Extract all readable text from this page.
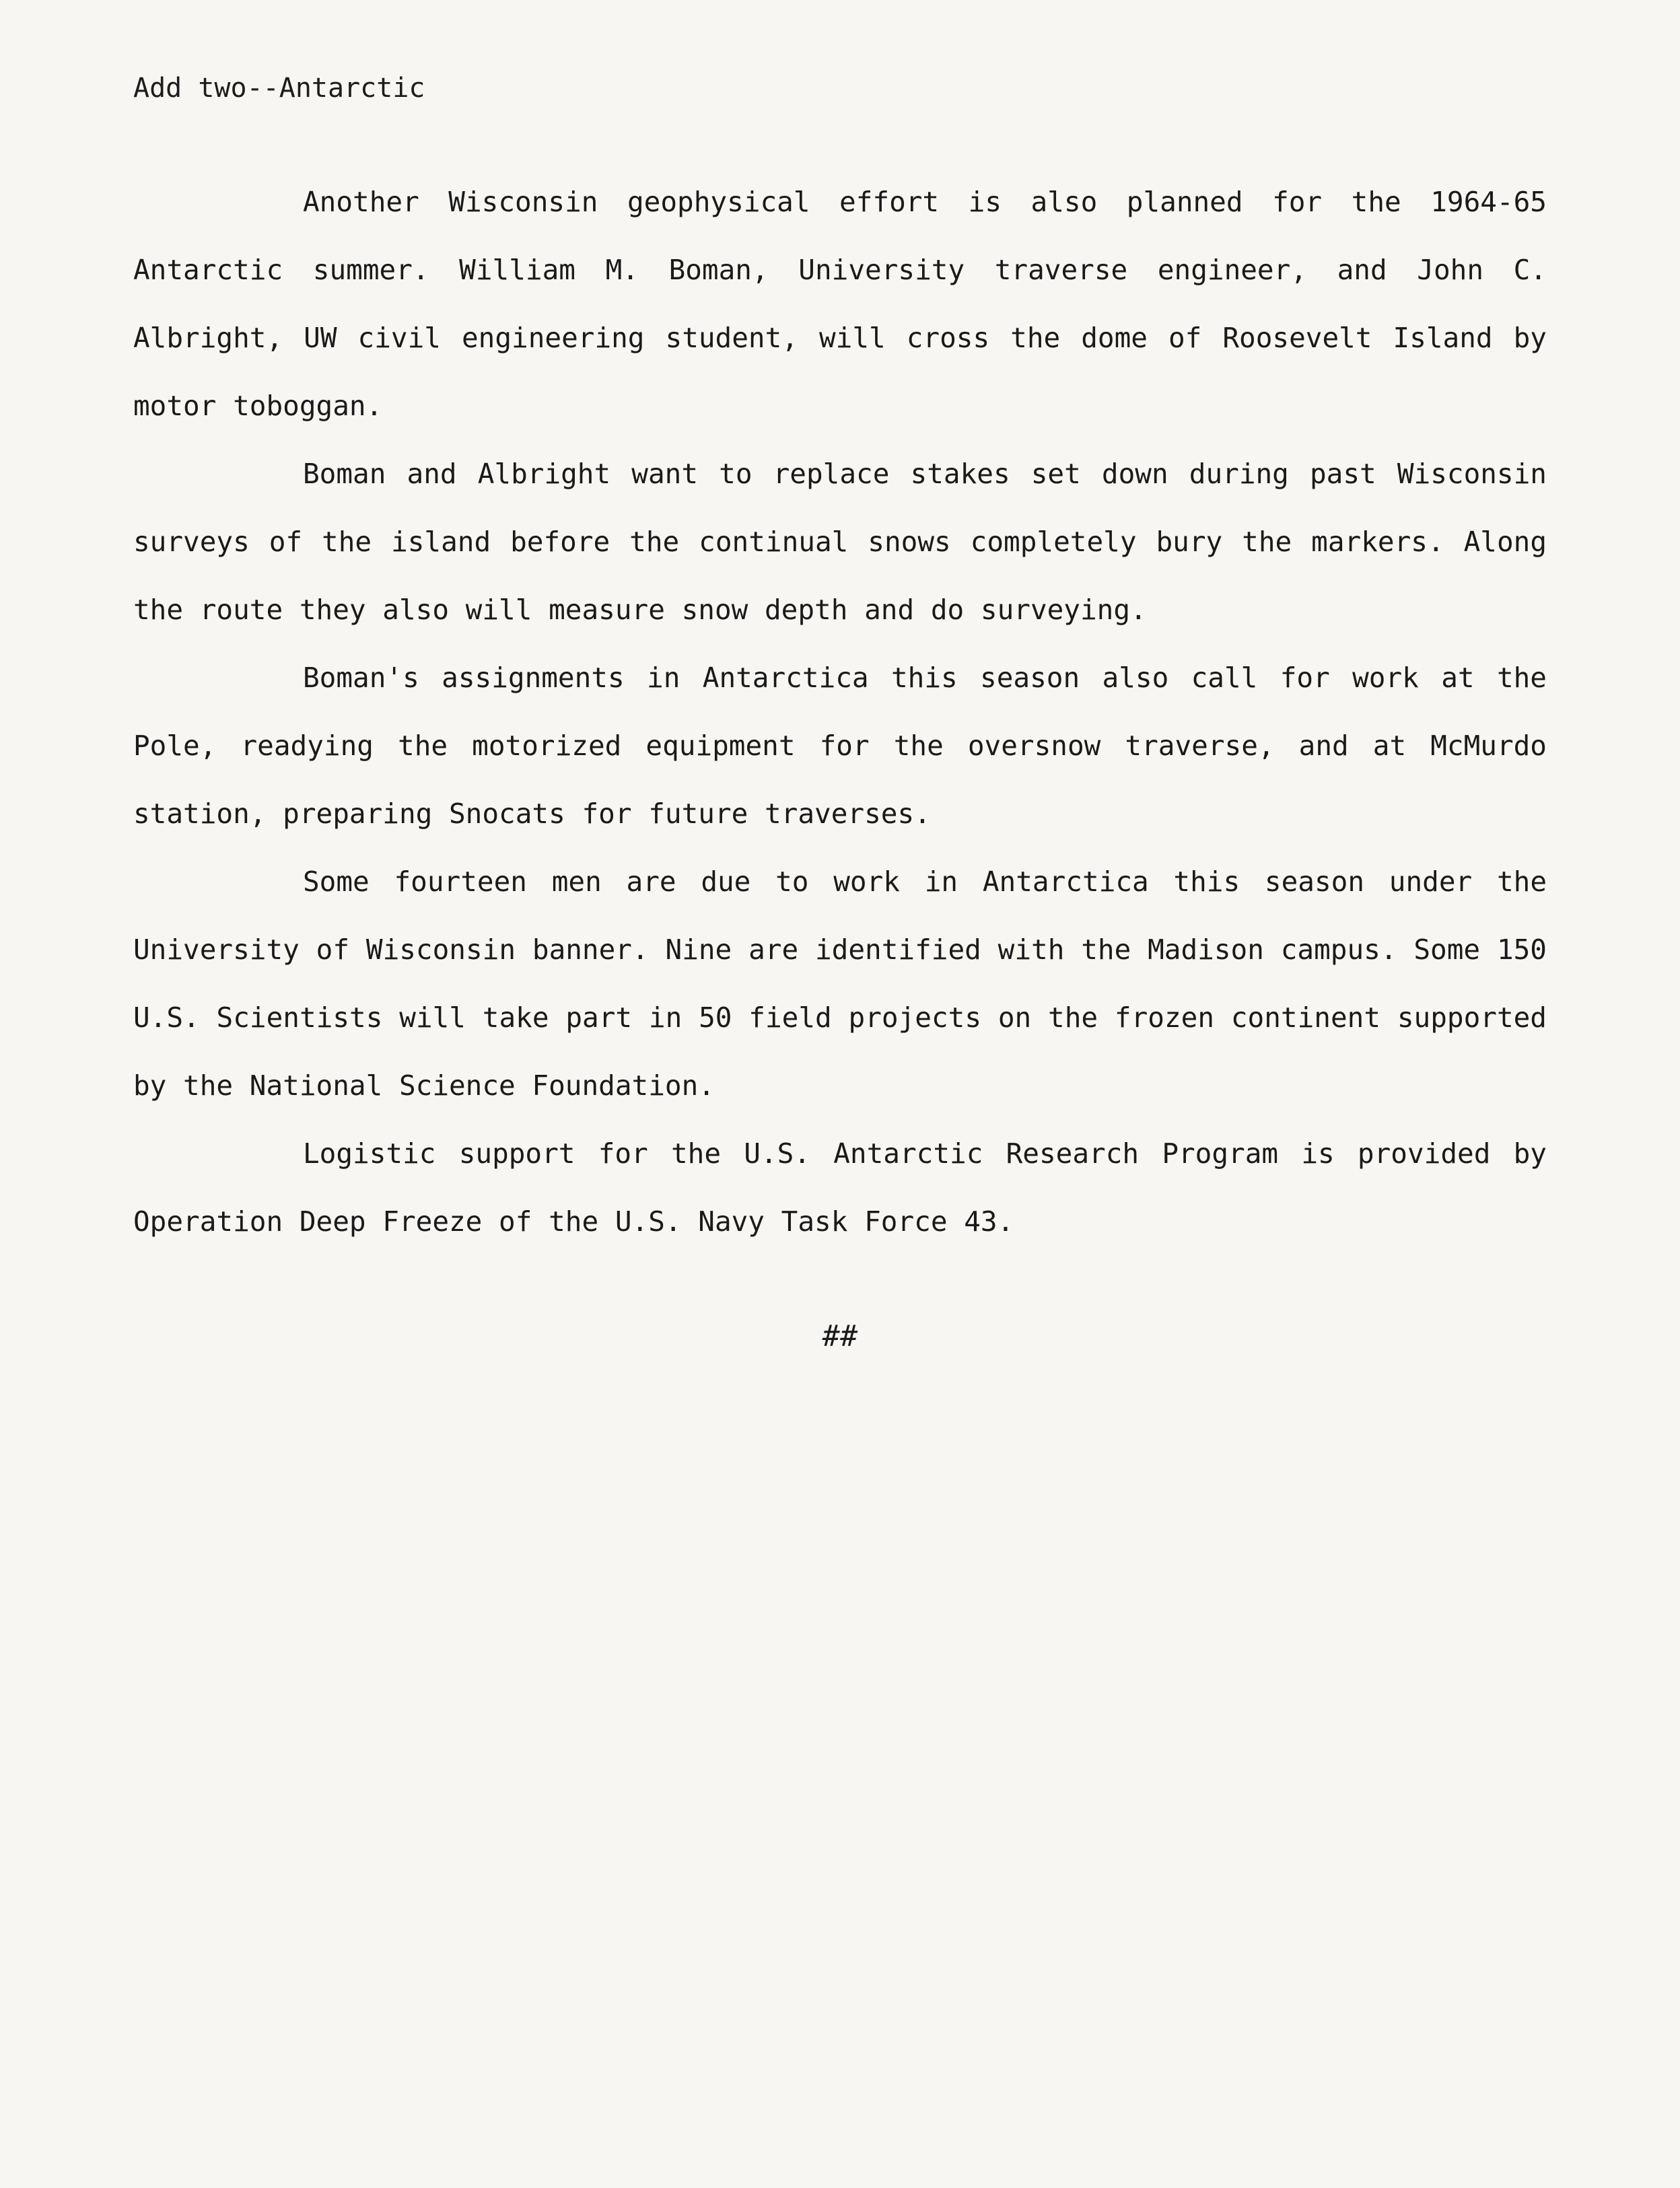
Add two--Antarctic

Another Wisconsin geophysical effort is also planned for the 1964-65 Antarctic summer. William M. Boman, University traverse engineer, and John C. Albright, UW civil engineering student, will cross the dome of Roosevelt Island by motor toboggan.

Boman and Albright want to replace stakes set down during past Wisconsin surveys of the island before the continual snows completely bury the markers. Along the route they also will measure snow depth and do surveying.

Boman's assignments in Antarctica this season also call for work at the Pole, readying the motorized equipment for the oversnow traverse, and at McMurdo station, preparing Snocats for future traverses.

Some fourteen men are due to work in Antarctica this season under the University of Wisconsin banner. Nine are identified with the Madison campus. Some 150 U.S. Scientists will take part in 50 field projects on the frozen continent supported by the National Science Foundation.

Logistic support for the U.S. Antarctic Research Program is provided by Operation Deep Freeze of the U.S. Navy Task Force 43.

##
